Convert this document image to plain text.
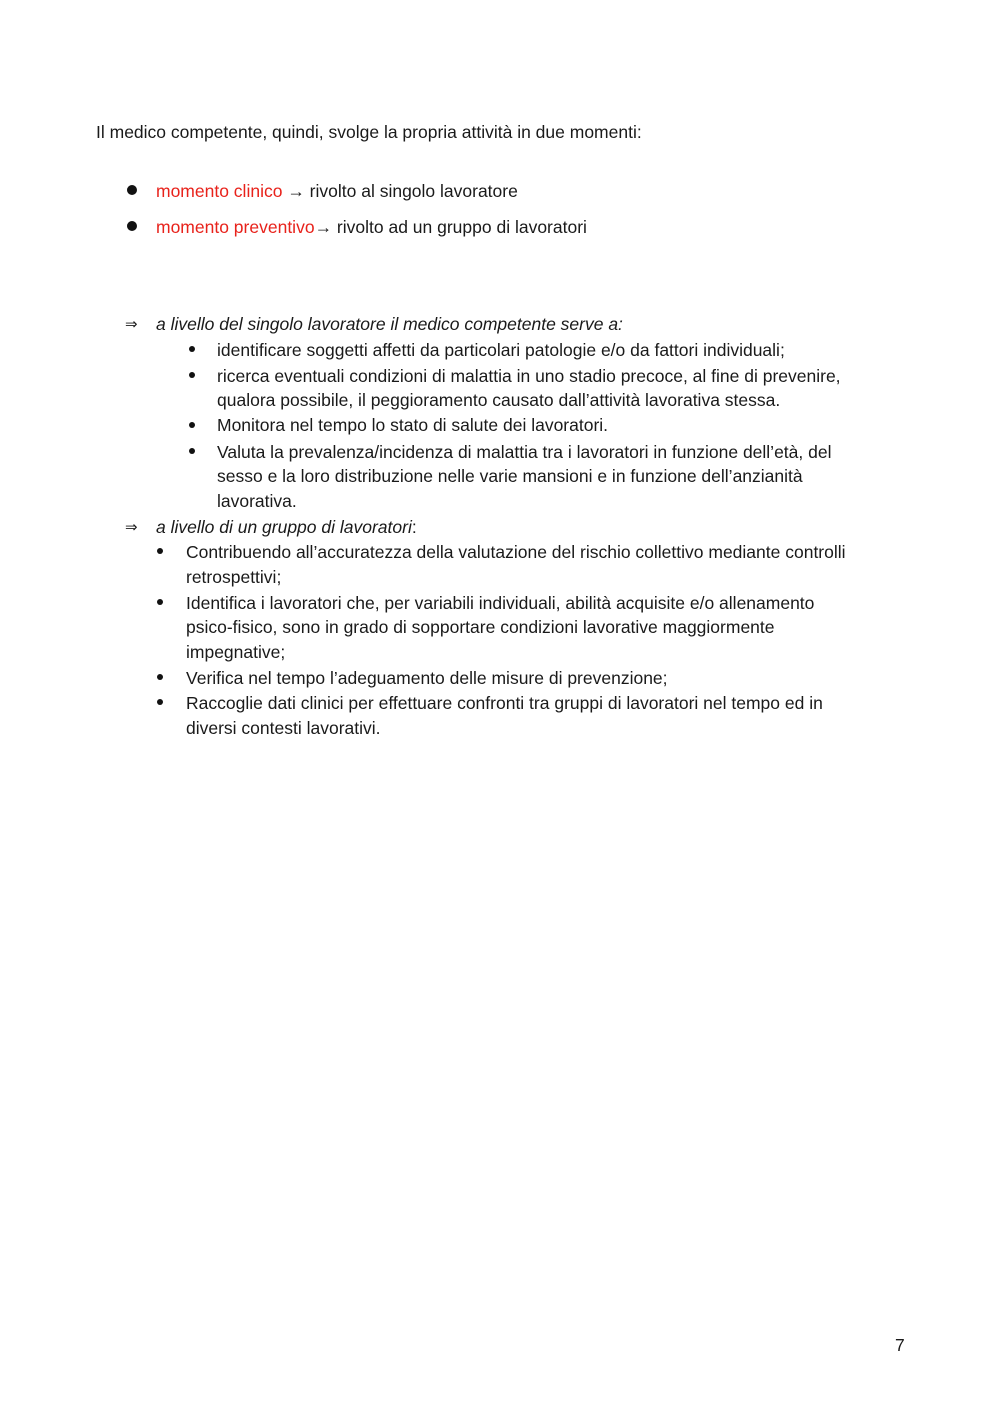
Il medico competente, quindi, svolge la propria attività in due momenti:
momento clinico → rivolto al singolo lavoratore
momento preventivo→ rivolto ad un gruppo di lavoratori
⇒ a livello del singolo lavoratore il medico competente serve a:
identificare soggetti affetti da particolari patologie e/o da fattori individuali;
ricerca eventuali condizioni di malattia in uno stadio precoce, al fine di prevenire,
qualora possibile, il peggioramento causato dall’attività lavorativa stessa.
Monitora nel tempo lo stato di salute dei lavoratori.
Valuta la prevalenza/incidenza di malattia tra i lavoratori in funzione dell’età, del
sesso e la loro distribuzione nelle varie mansioni e in funzione dell’anzianità
lavorativa.
⇒ a livello di un gruppo di lavoratori:
Contribuendo all’accuratezza della valutazione del rischio collettivo mediante controlli
retrospettivi;
Identifica i lavoratori che, per variabili individuali, abilità acquisite e/o allenamento
psico-fisico, sono in grado di sopportare condizioni lavorative maggiormente
impegnative;
Verifica nel tempo l’adeguamento delle misure di prevenzione;
Raccoglie dati clinici per effettuare confronti tra gruppi di lavoratori nel tempo ed in
diversi contesti lavorativi.
7
